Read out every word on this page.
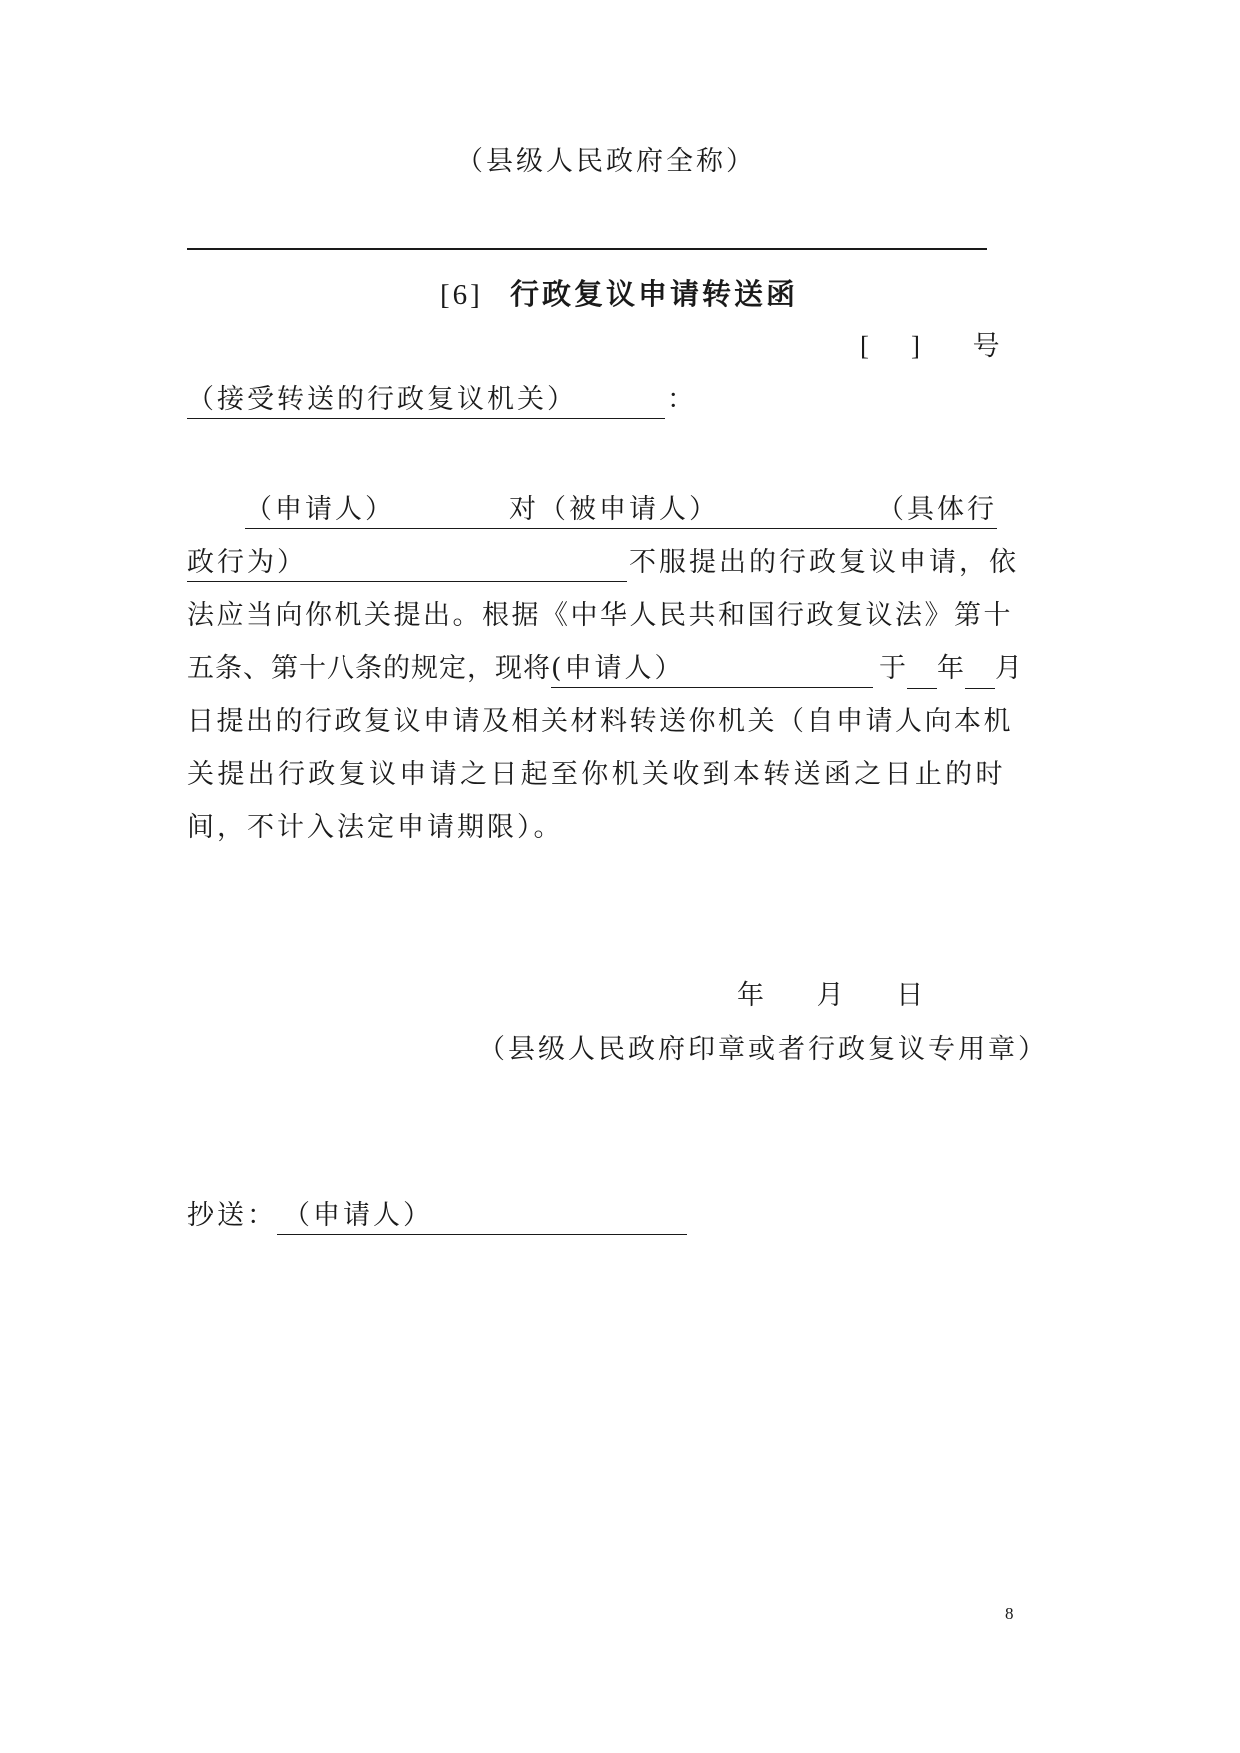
（县级人民政府全称）
[6] 行政复议申请转送函
[    ] 号
（接受转送的行政复议机关）	：
（申请人）	对（被申请人）	（具体行
政行为）	不服提出的行政复议申请，依
法应当向你机关提出。根据《中华人民共和国行政复议法》第十
五条、第十八条的规定，现将(申请人）	于 年 月
日提出的行政复议申请及相关材料转送你机关（自申请人向本机
关提出行政复议申请之日起至你机关收到本转送函之日止的时
间，不计入法定申请期限）。
年 月 日
（县级人民政府印章或者行政复议专用章）
抄送： （申请人）
8
